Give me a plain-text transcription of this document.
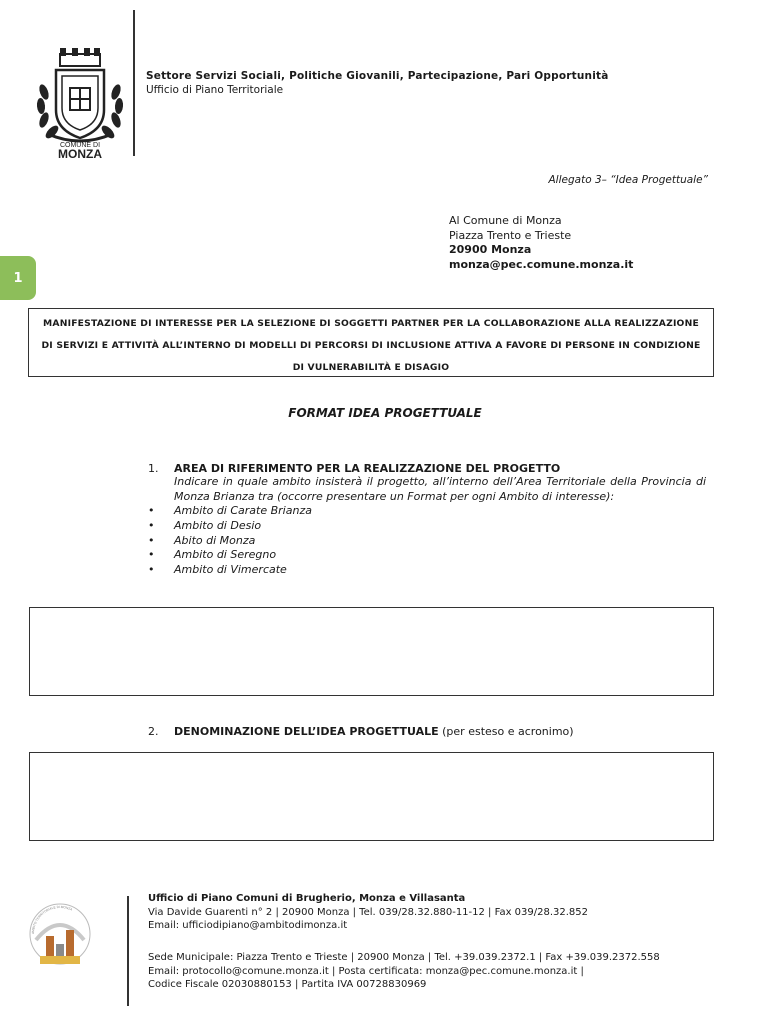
COMUNE DI
MONZA
Settore Servizi Sociali, Politiche Giovanili, Partecipazione, Pari Opportunità
Ufficio di Piano Territoriale
Allegato 3– “Idea Progettuale”
Al Comune di Monza
Piazza Trento e Trieste
20900 Monza
monza@pec.comune.monza.it
1
MANIFESTAZIONE DI INTERESSE PER LA SELEZIONE DI SOGGETTI PARTNER PER LA COLLABORAZIONE ALLA REALIZZAZIONE
DI SERVIZI E ATTIVITÀ ALL’INTERNO DI MODELLI DI PERCORSI DI INCLUSIONE ATTIVA A FAVORE DI PERSONE IN CONDIZIONE
DI VULNERABILITÀ E DISAGIO
FORMAT IDEA PROGETTUALE
1. AREA DI RIFERIMENTO PER LA REALIZZAZIONE DEL PROGETTO
Indicare in quale ambito insisterà il progetto, all’interno dell’Area Territoriale della Provincia di Monza Brianza tra (occorre presentare un Format per ogni Ambito di interesse):
• Ambito di Carate Brianza
• Ambito di Desio
• Abito di Monza
• Ambito di Seregno
• Ambito di Vimercate
2. DENOMINAZIONE DELL’IDEA PROGETTUALE (per esteso e acronimo)
AMBITO TERRITORIALE DI MONZA
Ufficio di Piano Comuni di Brugherio, Monza e Villasanta
Via Davide Guarenti n° 2 | 20900 Monza | Tel. 039/28.32.880-11-12 | Fax 039/28.32.852
Email: ufficiodipiano@ambitodimonza.it
Sede Municipale: Piazza Trento e Trieste | 20900 Monza | Tel. +39.039.2372.1 | Fax +39.039.2372.558
Email: protocollo@comune.monza.it | Posta certificata: monza@pec.comune.monza.it |
Codice Fiscale 02030880153 | Partita IVA 00728830969
